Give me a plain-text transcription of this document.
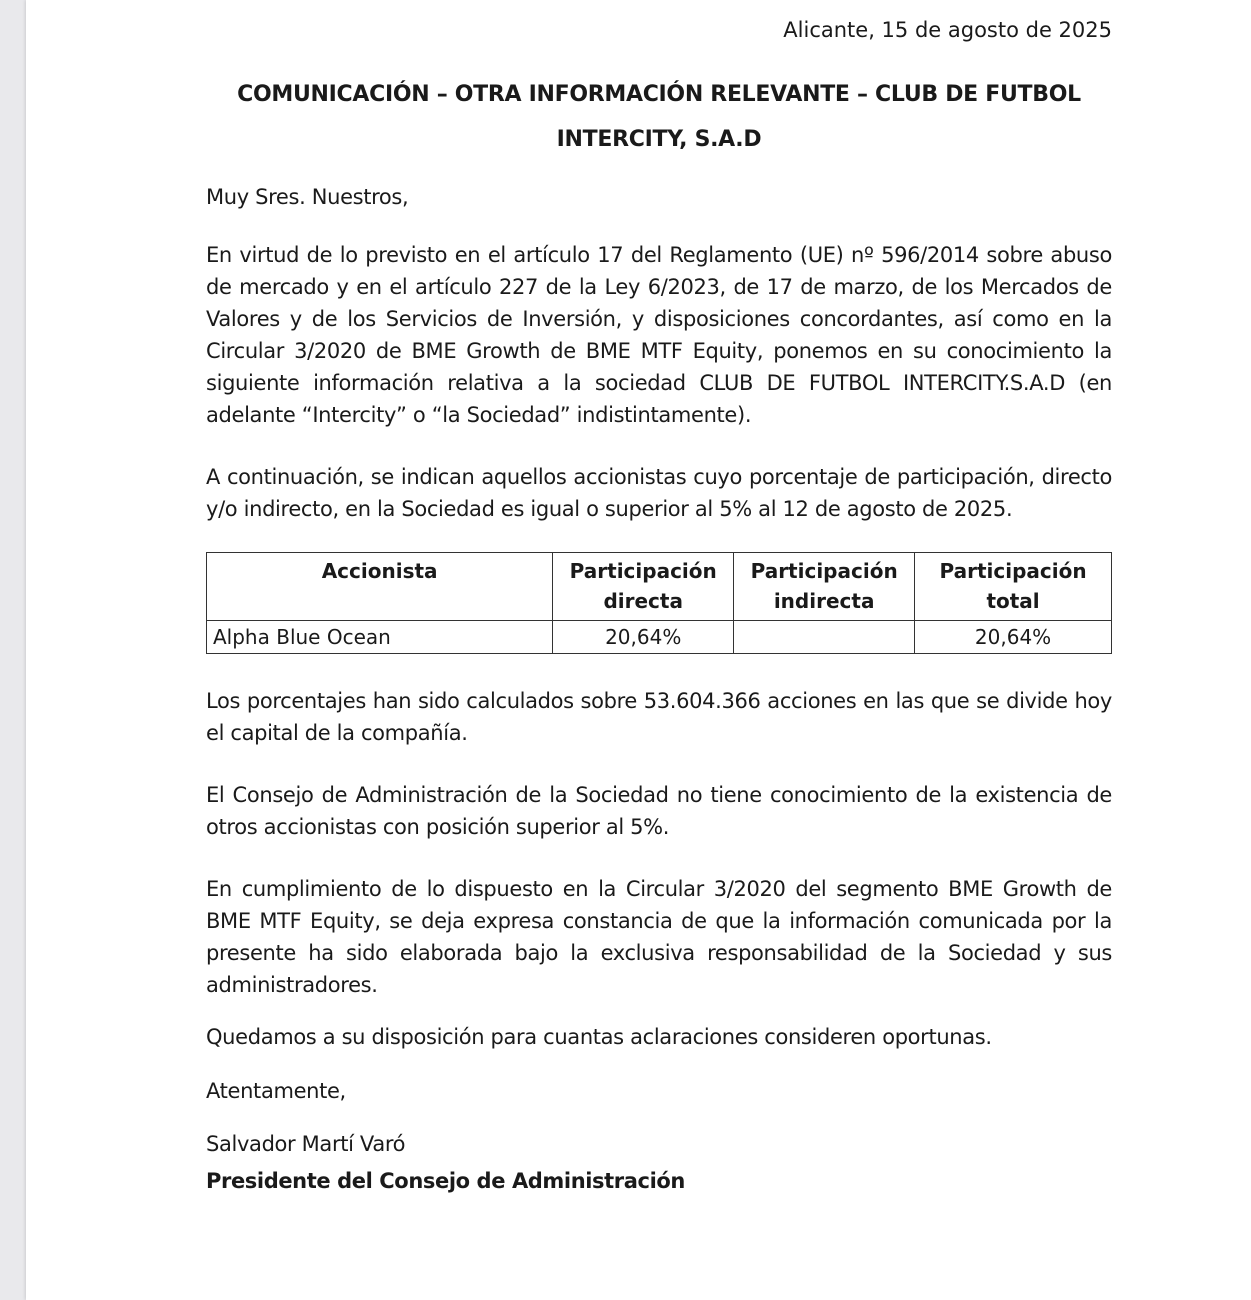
Alicante, 15 de agosto de 2025
COMUNICACIÓN – OTRA INFORMACIÓN RELEVANTE – CLUB DE FUTBOL
INTERCITY, S.A.D

Muy Sres. Nuestros,

En virtud de lo previsto en el artículo 17 del Reglamento (UE) nº 596/2014 sobre abuso de mercado y en el artículo 227 de la Ley 6/2023, de 17 de marzo, de los Mercados de Valores y de los Servicios de Inversión, y disposiciones concordantes, así como en la Circular 3/2020 de BME Growth de BME MTF Equity, ponemos en su conocimiento la siguiente información relativa a la sociedad CLUB DE FUTBOL INTERCITY.S.A.D (en adelante “Intercity” o “la Sociedad” indistintamente).

A continuación, se indican aquellos accionistas cuyo porcentaje de participación, directo y/o indirecto, en la Sociedad es igual o superior al 5% al 12 de agosto de 2025.

Accionista	Participación directa	Participación indirecta	Participación total
Alpha Blue Ocean	20,64%		20,64%

Los porcentajes han sido calculados sobre 53.604.366 acciones en las que se divide hoy el capital de la compañía.

El Consejo de Administración de la Sociedad no tiene conocimiento de la existencia de otros accionistas con posición superior al 5%.

En cumplimiento de lo dispuesto en la Circular 3/2020 del segmento BME Growth de BME MTF Equity, se deja expresa constancia de que la información comunicada por la presente ha sido elaborada bajo la exclusiva responsabilidad de la Sociedad y sus administradores.

Quedamos a su disposición para cuantas aclaraciones consideren oportunas.

Atentamente,

Salvador Martí Varó

Presidente del Consejo de Administración
